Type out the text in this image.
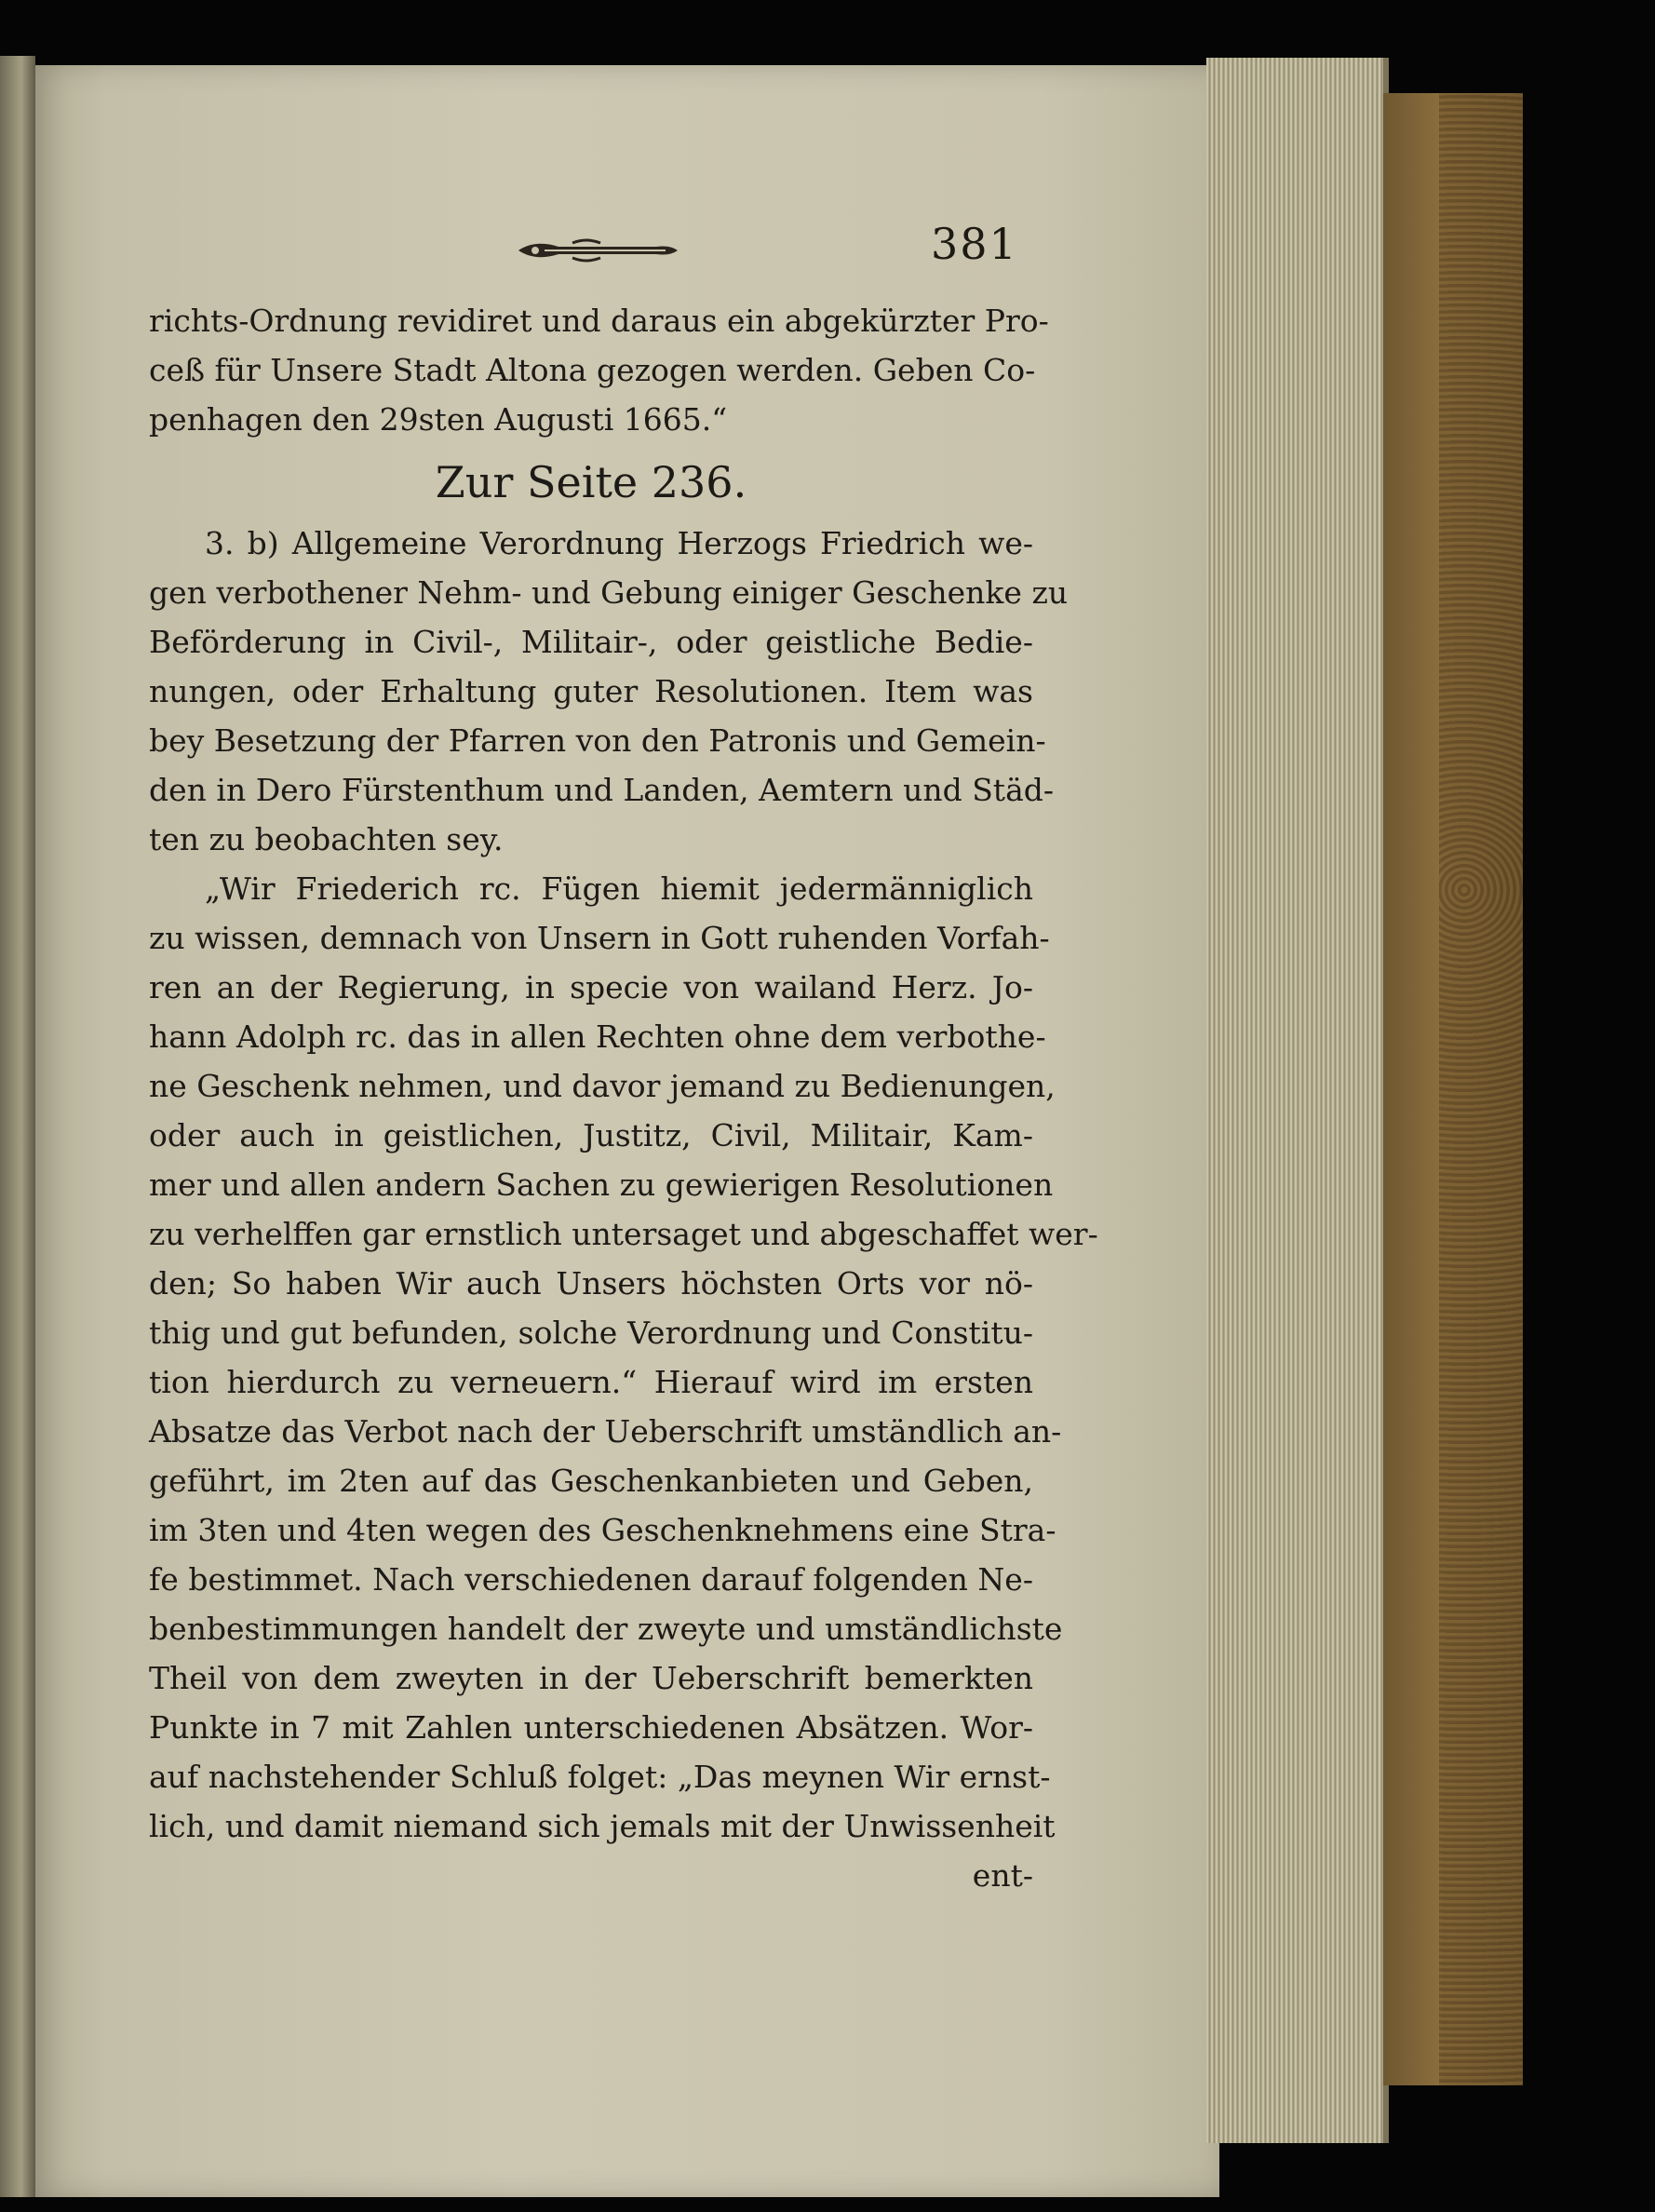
381
richts-Ordnung revidiret und daraus ein abgekürzter Pro-
ceß für Unsere Stadt Altona gezogen werden. Geben Co-
penhagen den 29sten Augusti 1665.“
Zur Seite 236.
3. b) Allgemeine Verordnung Herzogs Friedrich we-
gen verbothener Nehm- und Gebung einiger Geschenke zu
Beförderung in Civil-, Militair-, oder geistliche Bedie-
nungen, oder Erhaltung guter Resolutionen. Item was
bey Besetzung der Pfarren von den Patronis und Gemein-
den in Dero Fürstenthum und Landen, Aemtern und Städ-
ten zu beobachten sey.
„Wir Friederich rc. Fügen hiemit jedermänniglich
zu wissen, demnach von Unsern in Gott ruhenden Vorfah-
ren an der Regierung, in specie von wailand Herz. Jo-
hann Adolph rc. das in allen Rechten ohne dem verbothe-
ne Geschenk nehmen, und davor jemand zu Bedienungen,
oder auch in geistlichen, Justitz, Civil, Militair, Kam-
mer und allen andern Sachen zu gewierigen Resolutionen
zu verhelffen gar ernstlich untersaget und abgeschaffet wer-
den; So haben Wir auch Unsers höchsten Orts vor nö-
thig und gut befunden, solche Verordnung und Constitu-
tion hierdurch zu verneuern.“ Hierauf wird im ersten
Absatze das Verbot nach der Ueberschrift umständlich an-
geführt, im 2ten auf das Geschenkanbieten und Geben,
im 3ten und 4ten wegen des Geschenknehmens eine Stra-
fe bestimmet. Nach verschiedenen darauf folgenden Ne-
benbestimmungen handelt der zweyte und umständlichste
Theil von dem zweyten in der Ueberschrift bemerkten
Punkte in 7 mit Zahlen unterschiedenen Absätzen. Wor-
auf nachstehender Schluß folget: „Das meynen Wir ernst-
lich, und damit niemand sich jemals mit der Unwissenheit
ent-
